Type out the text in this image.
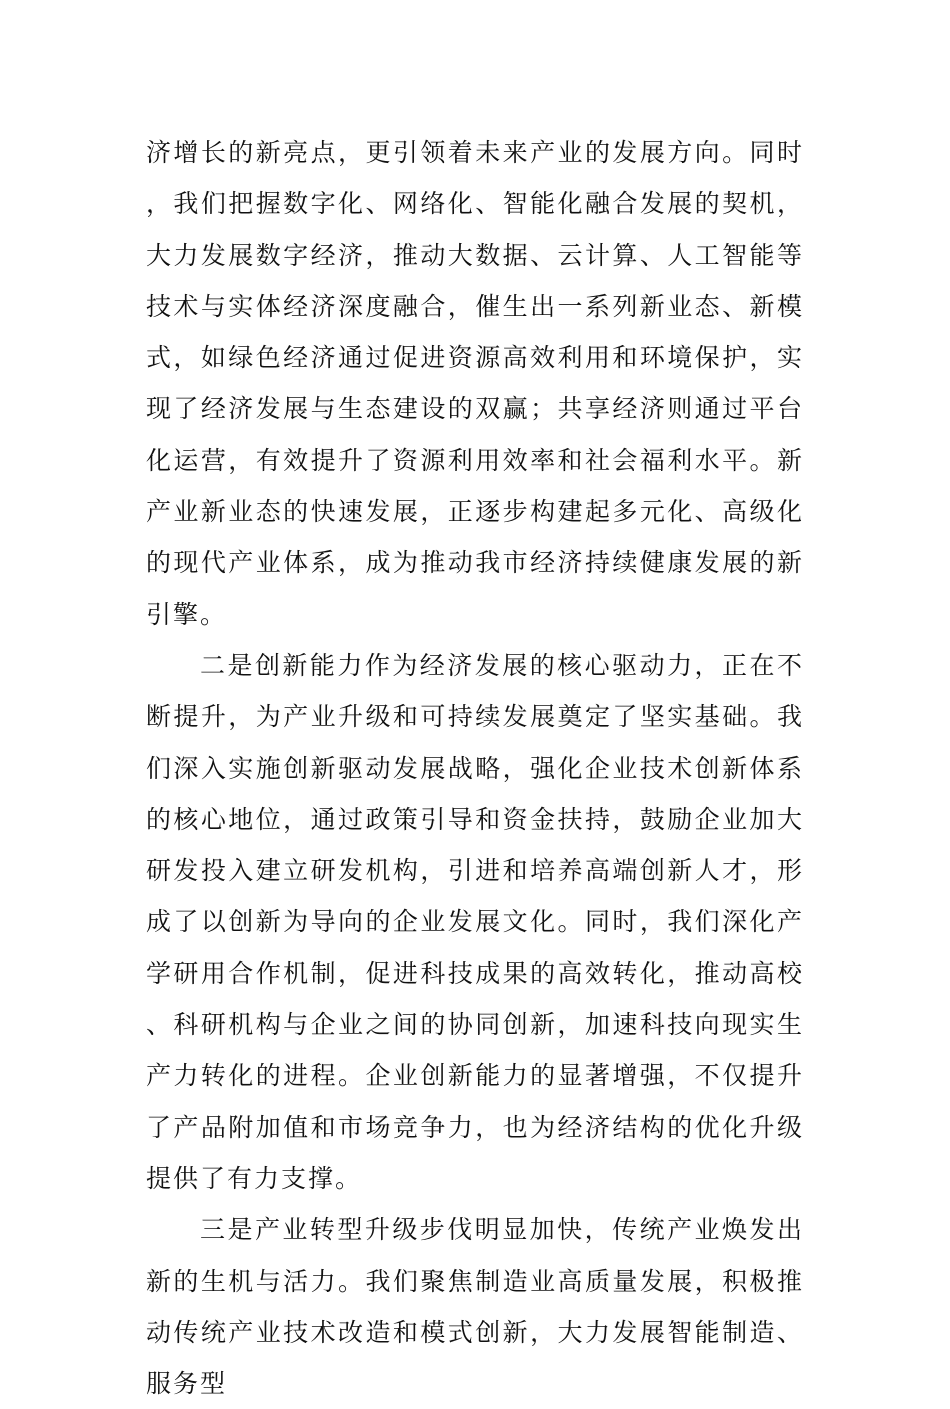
济增长的新亮点，更引领着未来产业的发展方向。同时，我们把握数字化、网络化、智能化融合发展的契机，大力发展数字经济，推动大数据、云计算、人工智能等技术与实体经济深度融合，催生出一系列新业态、新模式，如绿色经济通过促进资源高效利用和环境保护，实现了经济发展与生态建设的双赢；共享经济则通过平台化运营，有效提升了资源利用效率和社会福利水平。新产业新业态的快速发展，正逐步构建起多元化、高级化的现代产业体系，成为推动我市经济持续健康发展的新引擎。

二是创新能力作为经济发展的核心驱动力，正在不断提升，为产业升级和可持续发展奠定了坚实基础。我们深入实施创新驱动发展战略，强化企业技术创新体系的核心地位，通过政策引导和资金扶持，鼓励企业加大研发投入建立研发机构，引进和培养高端创新人才，形成了以创新为导向的企业发展文化。同时，我们深化产学研用合作机制，促进科技成果的高效转化，推动高校、科研机构与企业之间的协同创新，加速科技向现实生产力转化的进程。企业创新能力的显著增强，不仅提升了产品附加值和市场竞争力，也为经济结构的优化升级提供了有力支撑。

三是产业转型升级步伐明显加快，传统产业焕发出新的生机与活力。我们聚焦制造业高质量发展，积极推动传统产业技术改造和模式创新，大力发展智能制造、服务型
